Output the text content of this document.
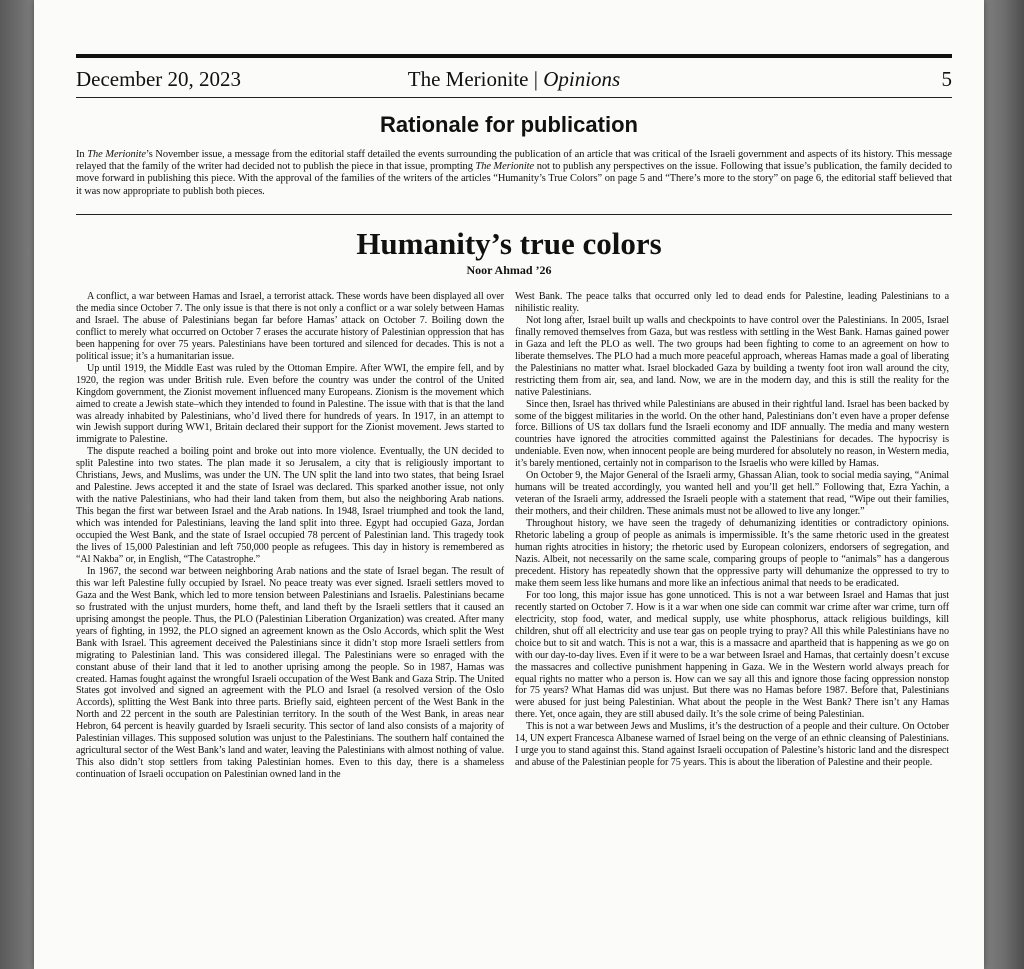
December 20, 2023	The Merionite | Opinions	5
Rationale for publication
In The Merionite’s November issue, a message from the editorial staff detailed the events surrounding the publication of an article that was critical of the Israeli government and aspects of its history. This message relayed that the family of the writer had decided not to publish the piece in that issue, prompting The Merionite not to publish any perspectives on the issue. Following that issue’s publication, the family decided to move forward in publishing this piece. With the approval of the families of the writers of the articles “Humanity’s True Colors” on page 5 and “There’s more to the story” on page 6, the editorial staff believed that it was now appropriate to publish both pieces.
Humanity’s true colors
Noor Ahmad ’26

A conflict, a war between Hamas and Israel, a terrorist attack. These words have been displayed all over the media since October 7. The only issue is that there is not only a conflict or a war solely between Hamas and Israel. The abuse of Palestinians began far before Hamas’ attack on October 7. Boiling down the conflict to merely what occurred on October 7 erases the accurate history of Palestinian oppression that has been happening for over 75 years. Palestinians have been tortured and silenced for decades. This is not a political issue; it’s a humanitarian issue.

Up until 1919, the Middle East was ruled by the Ottoman Empire. After WWI, the empire fell, and by 1920, the region was under British rule. Even before the country was under the control of the United Kingdom government, the Zionist movement influenced many Europeans. Zionism is the movement which aimed to create a Jewish state–which they intended to found in Palestine. The issue with that is that the land was already inhabited by Palestinians, who’d lived there for hundreds of years. In 1917, in an attempt to win Jewish support during WW1, Britain declared their support for the Zionist movement. Jews started to immigrate to Palestine.

The dispute reached a boiling point and broke out into more violence. Eventually, the UN decided to split Palestine into two states. The plan made it so Jerusalem, a city that is religiously important to Christians, Jews, and Muslims, was under the UN. The UN split the land into two states, that being Israel and Palestine. Jews accepted it and the state of Israel was declared. This sparked another issue, not only with the native Palestinians, who had their land taken from them, but also the neighboring Arab nations. This began the first war between Israel and the Arab nations. In 1948, Israel triumphed and took the land, which was intended for Palestinians, leaving the land split into three. Egypt had occupied Gaza, Jordan occupied the West Bank, and the state of Israel occupied 78 percent of Palestinian land. This tragedy took the lives of 15,000 Palestinian and left 750,000 people as refugees. This day in history is remembered as “Al Nakba” or, in English, “The Catastrophe.”

In 1967, the second war between neighboring Arab nations and the state of Israel began. The result of this war left Palestine fully occupied by Israel. No peace treaty was ever signed. Israeli settlers moved to Gaza and the West Bank, which led to more tension between Palestinians and Israelis. Palestinians became so frustrated with the unjust murders, home theft, and land theft by the Israeli settlers that it caused an uprising amongst the people. Thus, the PLO (Palestinian Liberation Organization) was created. After many years of fighting, in 1992, the PLO signed an agreement known as the Oslo Accords, which split the West Bank with Israel. This agreement deceived the Palestinians since it didn’t stop more Israeli settlers from migrating to Palestinian land. This was considered illegal. The Palestinians were so enraged with the constant abuse of their land that it led to another uprising among the people. So in 1987, Hamas was created. Hamas fought against the wrongful Israeli occupation of the West Bank and Gaza Strip. The United States got involved and signed an agreement with the PLO and Israel (a resolved version of the Oslo Accords), splitting the West Bank into three parts. Briefly said, eighteen percent of the West Bank in the North and 22 percent in the south are Palestinian territory. In the south of the West Bank, in areas near Hebron, 64 percent is heavily guarded by Israeli security. This sector of land also consists of a majority of Palestinian villages. This supposed solution was unjust to the Palestinians. The southern half contained the agricultural sector of the West Bank’s land and water, leaving the Palestinians with almost nothing of value. This also didn’t stop settlers from taking Palestinian homes. Even to this day, there is a shameless continuation of Israeli occupation on Palestinian owned land in the

West Bank. The peace talks that occurred only led to dead ends for Palestine, leading Palestinians to a nihilistic reality.

Not long after, Israel built up walls and checkpoints to have control over the Palestinians. In 2005, Israel finally removed themselves from Gaza, but was restless with settling in the West Bank. Hamas gained power in Gaza and left the PLO as well. The two groups had been fighting to come to an agreement on how to liberate themselves. The PLO had a much more peaceful approach, whereas Hamas made a goal of liberating the Palestinians no matter what. Israel blockaded Gaza by building a twenty foot iron wall around the city, restricting them from air, sea, and land. Now, we are in the modern day, and this is still the reality for the native Palestinians.

Since then, Israel has thrived while Palestinians are abused in their rightful land. Israel has been backed by some of the biggest militaries in the world. On the other hand, Palestinians don’t even have a proper defense force. Billions of US tax dollars fund the Israeli economy and IDF annually. The media and many western countries have ignored the atrocities committed against the Palestinians for decades. The hypocrisy is undeniable. Even now, when innocent people are being murdered for absolutely no reason, in Western media, it’s barely mentioned, certainly not in comparison to the Israelis who were killed by Hamas.

On October 9, the Major General of the Israeli army, Ghassan Alian, took to social media saying, “Animal humans will be treated accordingly, you wanted hell and you’ll get hell.” Following that, Ezra Yachin, a veteran of the Israeli army, addressed the Israeli people with a statement that read, “Wipe out their families, their mothers, and their children. These animals must not be allowed to live any longer.”

Throughout history, we have seen the tragedy of dehumanizing identities or contradictory opinions. Rhetoric labeling a group of people as animals is impermissible. It’s the same rhetoric used in the greatest human rights atrocities in history; the rhetoric used by European colonizers, endorsers of segregation, and Nazis. Albeit, not necessarily on the same scale, comparing groups of people to “animals” has a dangerous precedent. History has repeatedly shown that the oppressive party will dehumanize the oppressed to try to make them seem less like humans and more like an infectious animal that needs to be eradicated.

For too long, this major issue has gone unnoticed. This is not a war between Israel and Hamas that just recently started on October 7. How is it a war when one side can commit war crime after war crime, turn off electricity, stop food, water, and medical supply, use white phosphorus, attack religious buildings, kill children, shut off all electricity and use tear gas on people trying to pray? All this while Palestinians have no choice but to sit and watch. This is not a war, this is a massacre and apartheid that is happening as we go on with our day-to-day lives. Even if it were to be a war between Israel and Hamas, that certainly doesn’t excuse the massacres and collective punishment happening in Gaza. We in the Western world always preach for equal rights no matter who a person is. How can we say all this and ignore those facing oppression nonstop for 75 years? What Hamas did was unjust. But there was no Hamas before 1987. Before that, Palestinians were abused for just being Palestinian. What about the people in the West Bank? There isn’t any Hamas there. Yet, once again, they are still abused daily. It’s the sole crime of being Palestinian.

This is not a war between Jews and Muslims, it’s the destruction of a people and their culture. On October 14, UN expert Francesca Albanese warned of Israel being on the verge of an ethnic cleansing of Palestinians. I urge you to stand against this. Stand against Israeli occupation of Palestine’s historic land and the disrespect and abuse of the Palestinian people for 75 years. This is about the liberation of Palestine and their people.
